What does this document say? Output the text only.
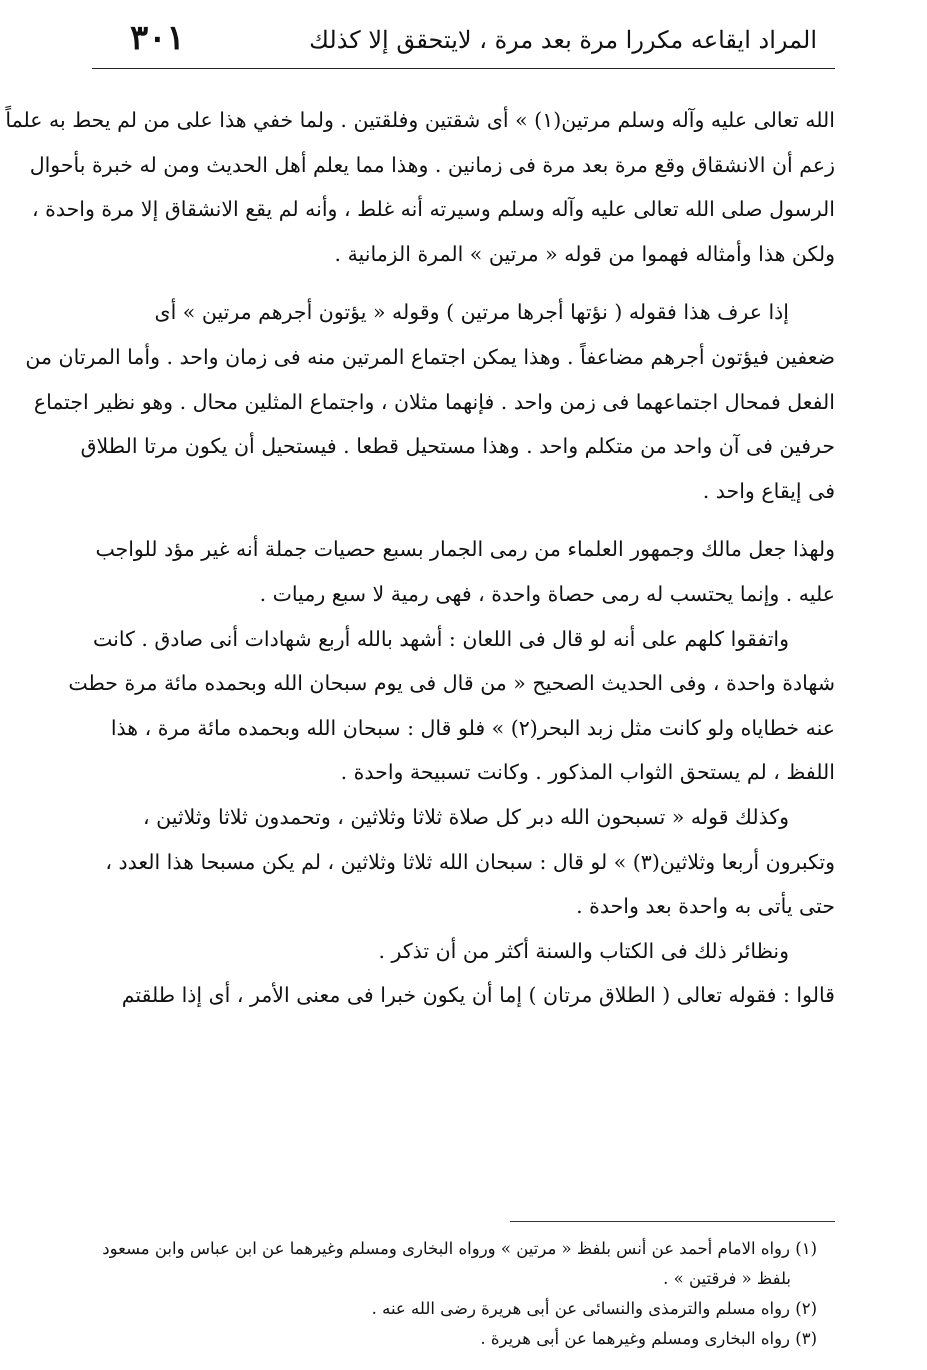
المراد ايقاعه مكررا مرة بعد مرة ، لايتحقق إلا كذلك
٣٠١
الله تعالى عليه وآله وسلم مرتين(١) » أى شقتين وفلقتين . ولما خفي هذا على من لم يحط به علماً
زعم أن الانشقاق وقع مرة بعد مرة فى زمانين . وهذا مما يعلم أهل الحديث ومن له خبرة بأحوال
الرسول صلى الله تعالى عليه وآله وسلم وسيرته أنه غلط ، وأنه لم يقع الانشقاق إلا مرة واحدة ،
ولكن هذا وأمثاله فهموا من قوله « مرتين » المرة الزمانية .
إذا عرف هذا فقوله ( نؤتها أجرها مرتين ) وقوله « يؤتون أجرهم مرتين » أى
ضعفين فيؤتون أجرهم مضاعفاً . وهذا يمكن اجتماع المرتين منه فى زمان واحد . وأما المرتان من
الفعل فمحال اجتماعهما فى زمن واحد . فإنهما مثلان ، واجتماع المثلين محال . وهو نظير اجتماع
حرفين فى آن واحد من متكلم واحد . وهذا مستحيل قطعا . فيستحيل أن يكون مرتا الطلاق
فى إيقاع واحد .
ولهذا جعل مالك وجمهور العلماء من رمى الجمار بسبع حصيات جملة أنه غير مؤد للواجب
عليه . وإنما يحتسب له رمى حصاة واحدة ، فهى رمية لا سبع رميات .
واتفقوا كلهم على أنه لو قال فى اللعان : أشهد بالله أربع شهادات أنى صادق . كانت
شهادة واحدة ، وفى الحديث الصحيح « من قال فى يوم سبحان الله وبحمده مائة مرة حطت
عنه خطاياه ولو كانت مثل زبد البحر(٢) » فلو قال : سبحان الله وبحمده مائة مرة ، هذا
اللفظ ، لم يستحق الثواب المذكور . وكانت تسبيحة واحدة .
وكذلك قوله « تسبحون الله دبر كل صلاة ثلاثا وثلاثين ، وتحمدون ثلاثا وثلاثين ،
وتكبرون أربعا وثلاثين(٣) » لو قال : سبحان الله ثلاثا وثلاثين ، لم يكن مسبحا هذا العدد ،
حتى يأتى به واحدة بعد واحدة .
ونظائر ذلك فى الكتاب والسنة أكثر من أن تذكر .
قالوا : فقوله تعالى ( الطلاق مرتان ) إما أن يكون خبرا فى معنى الأمر ، أى إذا طلقتم
(١) رواه الامام أحمد عن أنس بلفظ « مرتين » ورواه البخارى ومسلم وغيرهما عن ابن عباس وابن مسعود
بلفظ « فرقتين » .
(٢) رواه مسلم والترمذى والنسائى عن أبى هريرة رضى الله عنه .
(٣) رواه البخارى ومسلم وغيرهما عن أبى هريرة .
